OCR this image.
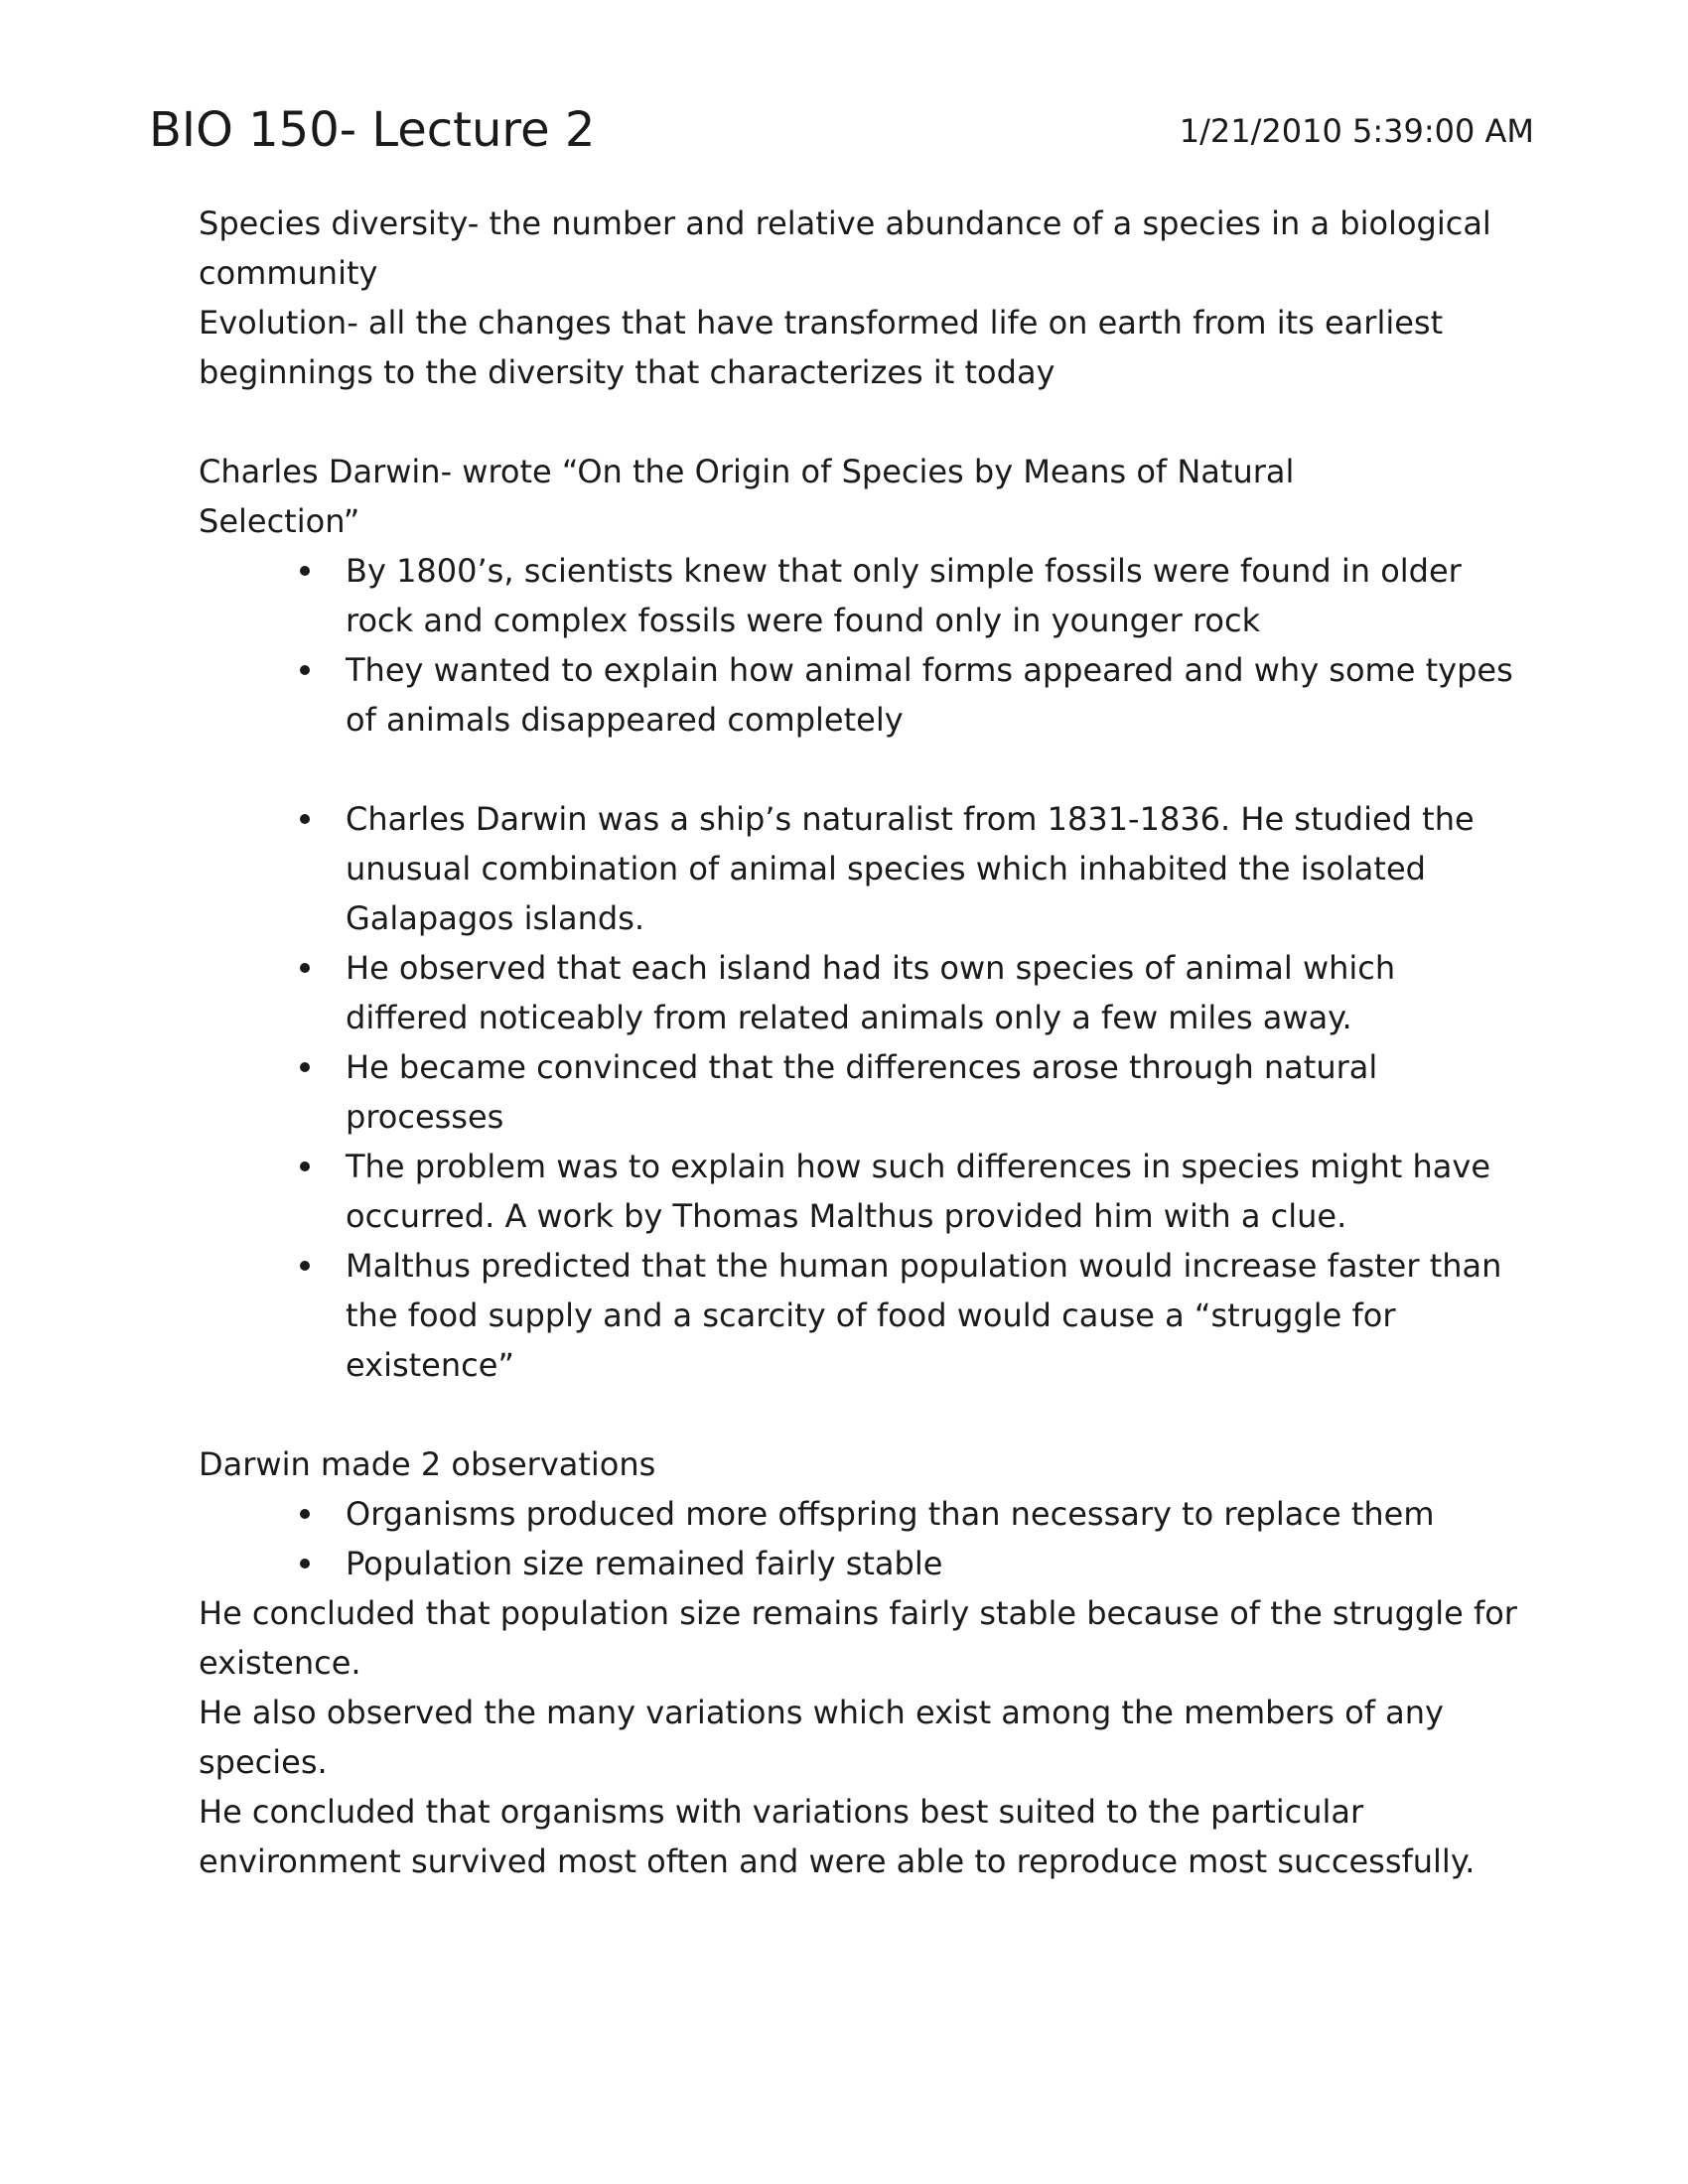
BIO 150- Lecture 2	1/21/2010 5:39:00 AM

Species diversity- the number and relative abundance of a species in a biological community

Evolution- all the changes that have transformed life on earth from its earliest beginnings to the diversity that characterizes it today

Charles Darwin- wrote “On the Origin of Species by Means of Natural Selection”

By 1800’s, scientists knew that only simple fossils were found in older rock and complex fossils were found only in younger rock
They wanted to explain how animal forms appeared and why some types of animals disappeared completely
Charles Darwin was a ship’s naturalist from 1831-1836. He studied the unusual combination of animal species which inhabited the isolated Galapagos islands.
He observed that each island had its own species of animal which differed noticeably from related animals only a few miles away.
He became convinced that the differences arose through natural processes
The problem was to explain how such differences in species might have occurred. A work by Thomas Malthus provided him with a clue.
Malthus predicted that the human population would increase faster than the food supply and a scarcity of food would cause a “struggle for existence”

Darwin made 2 observations

Organisms produced more offspring than necessary to replace them
Population size remained fairly stable

He concluded that population size remains fairly stable because of the struggle for existence.

He also observed the many variations which exist among the members of any species.

He concluded that organisms with variations best suited to the particular environment survived most often and were able to reproduce most successfully.
